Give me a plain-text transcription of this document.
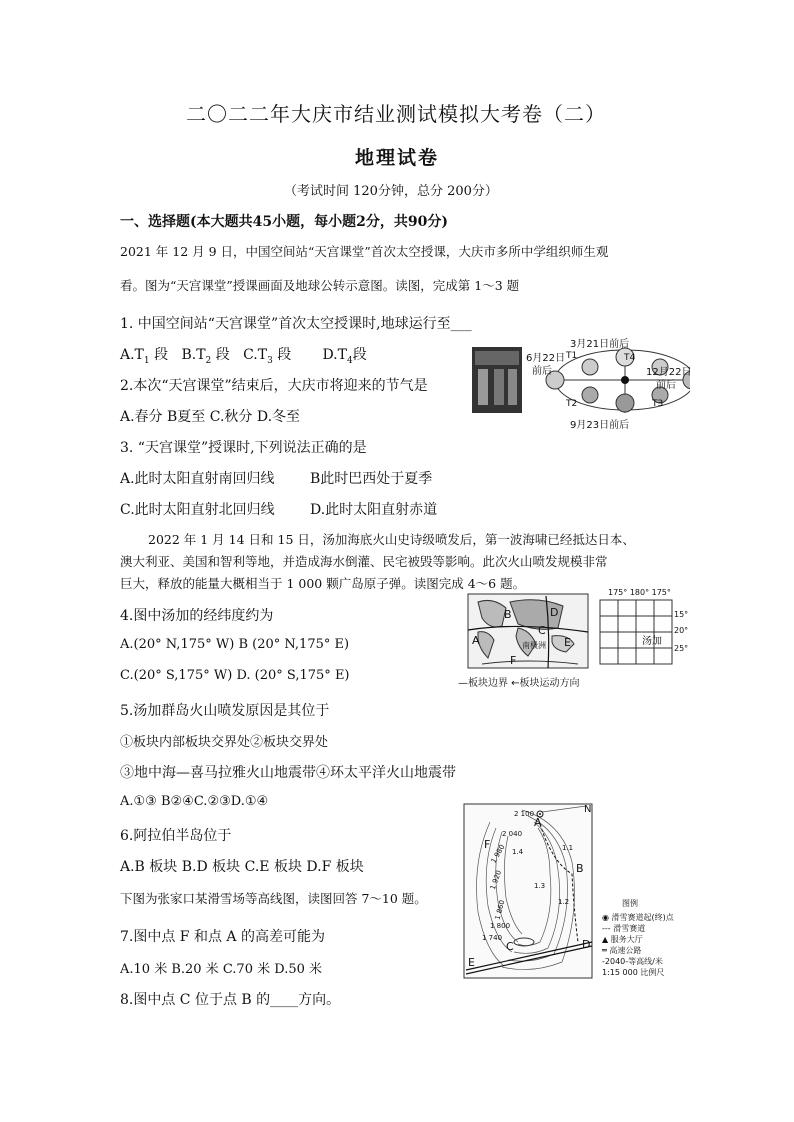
二〇二二年大庆市结业测试模拟大考卷（二）
地理试卷
（考试时间 120分钟，总分 200分）
一、选择题(本大题共45小题，每小题2分，共90分)
2021 年 12 月 9 日，中国空间站“天宫课堂”首次太空授课，大庆市多所中学组织师生观
看。图为“天宫课堂”授课画面及地球公转示意图。读图，完成第 1～3 题
1. 中国空间站“天宫课堂”首次太空授课时,地球运行至___
$A.T_1$ 段 $B.T_2$ 段 $C.T_3$ 段 $D.T_4$段
2.本次“天宫课堂”结束后，大庆市将迎来的节气是
A.春分 B夏至 C.秋分 D.冬至
3. “天宫课堂”授课时,下列说法正确的是
A.此时太阳直射南回归线	B此时巴西处于夏季
C.此时太阳直射北回归线	D.此时太阳直射赤道
3月21日前后
6月22日
前后	12月22日
前后
9月23日前后
T1
T2	T3
T4
2022 年 1 月 14 日和 15 日，汤加海底火山史诗级喷发后，第一波海啸已经抵达日本、
澳大利亚、美国和智利等地，并造成海水倒灌、民宅被毁等影响。此次火山喷发规模非常
巨大，释放的能量大概相当于 1 000 颗广岛原子弹。读图完成 4～6 题。
B
C
D
E
F
A	南极洲
—板块边界 ←板块运动方向
175° 180° 175°
15°
20°
25°
汤加
4.图中汤加的经纬度约为
A.(20° N,175° W) B (20° N,175° E)
C.(20° S,175° W) D. (20° S,175° E)
5.汤加群岛火山喷发原因是其位于
①板块内部板块交界处②板块交界处
③地中海—喜马拉雅火山地震带④环太平洋火山地震带
A.①③ B②④C.②③D.①④
6.阿拉伯半岛位于
A.B 板块 B.D 板块 C.E 板块 D.F 板块
下图为张家口某滑雪场等高线图，读图回答 7～10 题。
7.图中点 F 和点 A 的高差可能为
A.10 米 B.20 米 C.70 米 D.50 米
8.图中点 C 位于点 B 的____方向。
N
A
B
C	D
E
F
2 100
2 040
1 980
1 920
1 860
1 800
1 740
1.1
1.2
1.3
1.4
图例
◉ 滑雪赛道起(终)点
--- 滑雪赛道
▲ 服务大厅
═ 高速公路
-2040-等高线/米
1:15 000 比例尺
